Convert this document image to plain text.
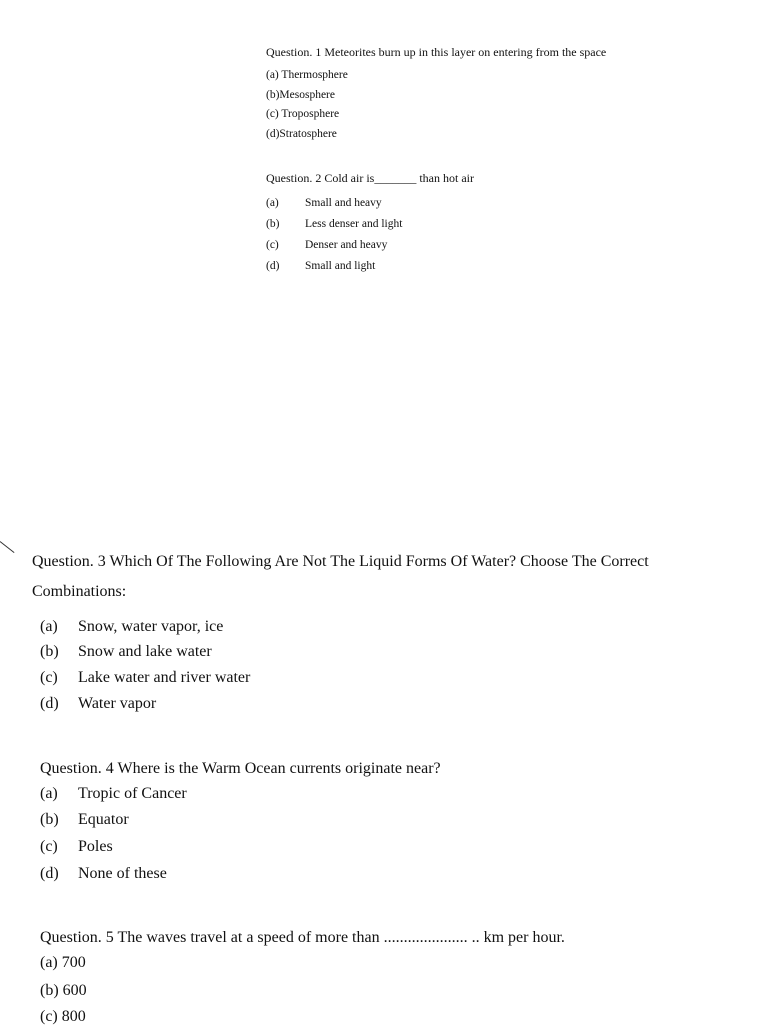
Question. 1 Meteorites burn up in this layer on entering from the space
(a) Thermosphere
(b)Mesosphere
(c) Troposphere
(d)Stratosphere
Question. 2 Cold air is_______ than hot air
(a) Small and heavy
(b) Less denser and light
(c) Denser and heavy
(d) Small and light
Question. 3 Which Of The Following Are Not The Liquid Forms Of Water? Choose The Correct
Combinations:
(a) Snow, water vapor, ice
(b) Snow and lake water
(c) Lake water and river water
(d) Water vapor
Question. 4 Where is the Warm Ocean currents originate near?
(a) Tropic of Cancer
(b) Equator
(c) Poles
(d) None of these
Question. 5 The waves travel at a speed of more than ..................... .. km per hour.
(a) 700
(b) 600
(c) 800
